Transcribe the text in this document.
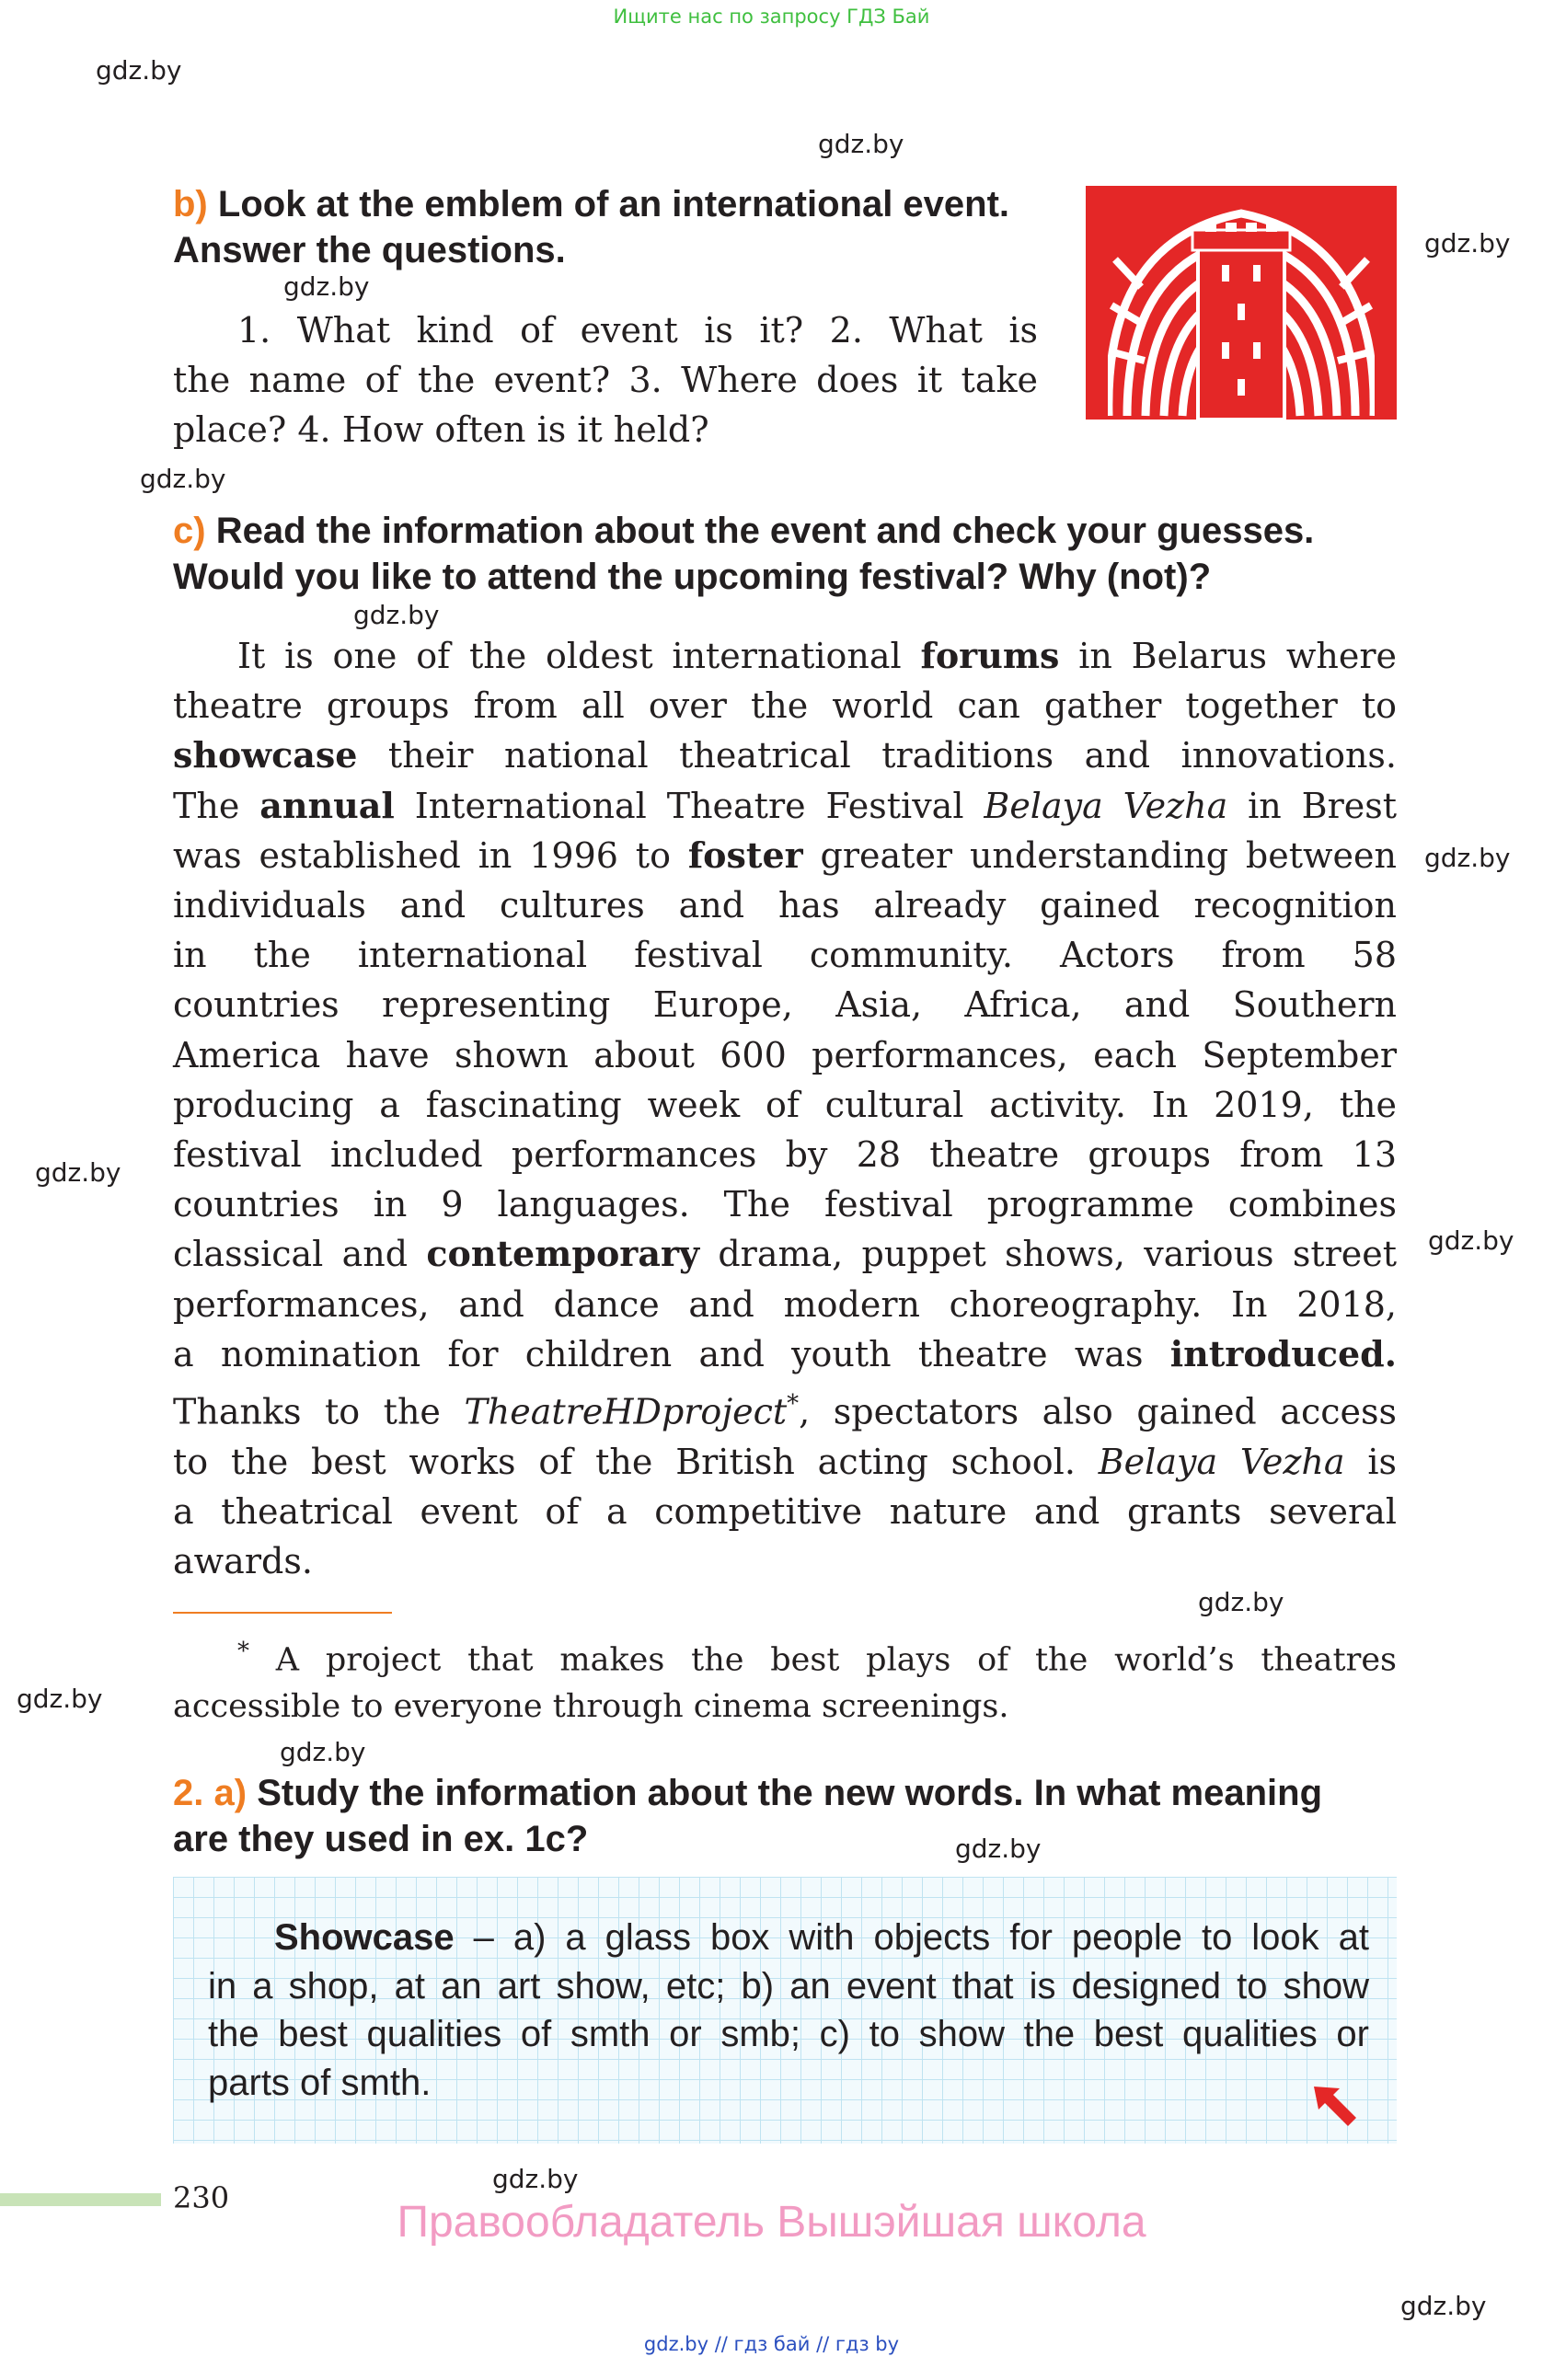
Ищите нас по запросу ГДЗ Бай
gdz.by
gdz.by
gdz.by
gdz.by
gdz.by
gdz.by
gdz.by
gdz.by
gdz.by
gdz.by
gdz.by
gdz.by
gdz.by
gdz.by
gdz.by
b) Look at the emblem of an international event.
Answer the questions.
1. What kind of event is it? 2. What is
the name of the event? 3. Where does it take
place? 4. How often is it held?
c) Read the information about the event and check your guesses.
Would you like to attend the upcoming festival? Why (not)?
It is one of the oldest international forums in Belarus where
theatre groups from all over the world can gather together to
showcase their national theatrical traditions and innovations.
The annual International Theatre Festival Belaya Vezha in Brest
was established in 1996 to foster greater understanding between
individuals and cultures and has already gained recognition
in the international festival community. Actors from 58
countries representing Europe, Asia, Africa, and Southern
America have shown about 600 performances, each September
producing a fascinating week of cultural activity. In 2019, the
festival included performances by 28 theatre groups from 13
countries in 9 languages. The festival programme combines
classical and contemporary drama, puppet shows, various street
performances, and dance and modern choreography. In 2018,
a nomination for children and youth theatre was introduced.
Thanks to the TheatreHDproject*, spectators also gained access
to the best works of the British acting school. Belaya Vezha is
a theatrical event of a competitive nature and grants several
awards.
* A project that makes the best plays of the world’s theatres
accessible to everyone through cinema screenings.
2. a) Study the information about the new words. In what meaning
are they used in ex. 1c?
Showcase – a) a glass box with objects for people to look at
in a shop, at an art show, etc; b) an event that is designed to show
the best qualities of smth or smb; c) to show the best qualities or
parts of smth.
230	Правообладатель Вышэйшая школа
gdz.by // гдз бай // гдз by
